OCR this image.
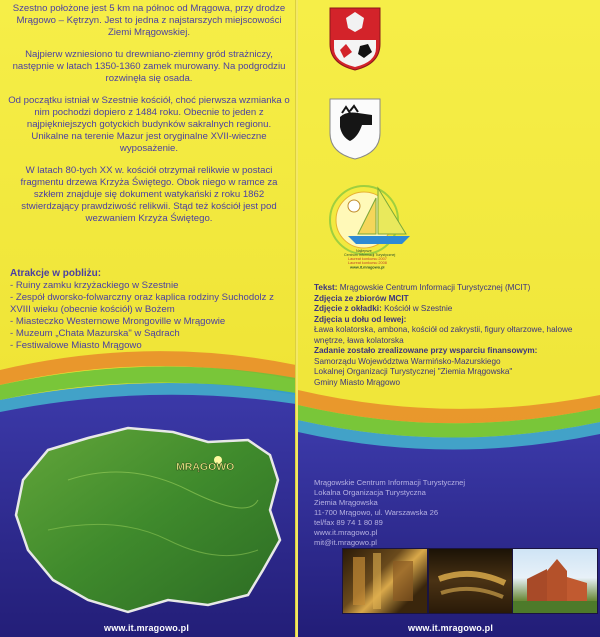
Szestno położone jest 5 km na północ od Mrągowa, przy drodze Mrągowo – Kętrzyn. Jest to jedna z najstarszych miejscowości Ziemi Mrągowskiej.

Najpierw wzniesiono tu drewniano-ziemny gród strażniczy, następnie w latach 1350-1360 zamek murowany. Na podgrodziu rozwinęła się osada.

Od początku istniał w Szestnie kościół, choć pierwsza wzmianka o nim pochodzi dopiero z 1484 roku. Obecnie to jeden z najpiękniejszych gotyckich budynków sakralnych regionu. Unikalne na terenie Mazur jest oryginalne XVII-wieczne wyposażenie.

W latach 80-tych XX w. kościół otrzymał relikwie w postaci fragmentu drzewa Krzyża Świętego. Obok niego w ramce za szkłem znajduje się dokument watykański z roku 1862 stwierdzający prawdziwość relikwii. Stąd też kościół jest pod wezwaniem Krzyża Świętego.

Atrakcje w pobliżu:
- Ruiny zamku krzyżackiego w Szestnie
- Zespół dworsko-folwarczny oraz kaplica rodziny Suchodolz z XVIII wieku (obecnie kościół) w Bożem
- Miasteczko Westernowe Mrongoville w Mrągowie
- Muzeum „Chata Mazurska" w Sądrach
- Festiwalowe Miasto Mrągowo
MRĄGOWO
www.it.mragowo.pl
Najlepsze
Centrum Informacji Turystycznej
Laureat konkursu 2007
Laureat konkursu 2008
www.it.mragowo.pl
Tekst: Mrągowskie Centrum Informacji Turystycznej (MCIT)
Zdjęcia ze zbiorów MCIT
Zdjęcie z okładki: Kościół w Szestnie
Zdjęcia u dołu od lewej:
Ława kolatorska, ambona, kościół od zakrystii, figury ołtarzowe, halowe wnętrze, ława kolatorska
Zadanie zostało zrealizowane przy wsparciu finansowym:
Samorządu Województwa Warmińsko-Mazurskiego
Lokalnej Organizacji Turystycznej "Ziemia Mrągowska"
Gminy Miasto Mrągowo
Mrągowskie Centrum Informacji Turystycznej
Lokalna Organizacja Turystyczna
Ziemia Mrągowska
11-700 Mrągowo, ul. Warszawska 26
tel/fax 89 74 1 80 89
www.it.mragowo.pl
mit@it.mragowo.pl
www.it.mragowo.pl
